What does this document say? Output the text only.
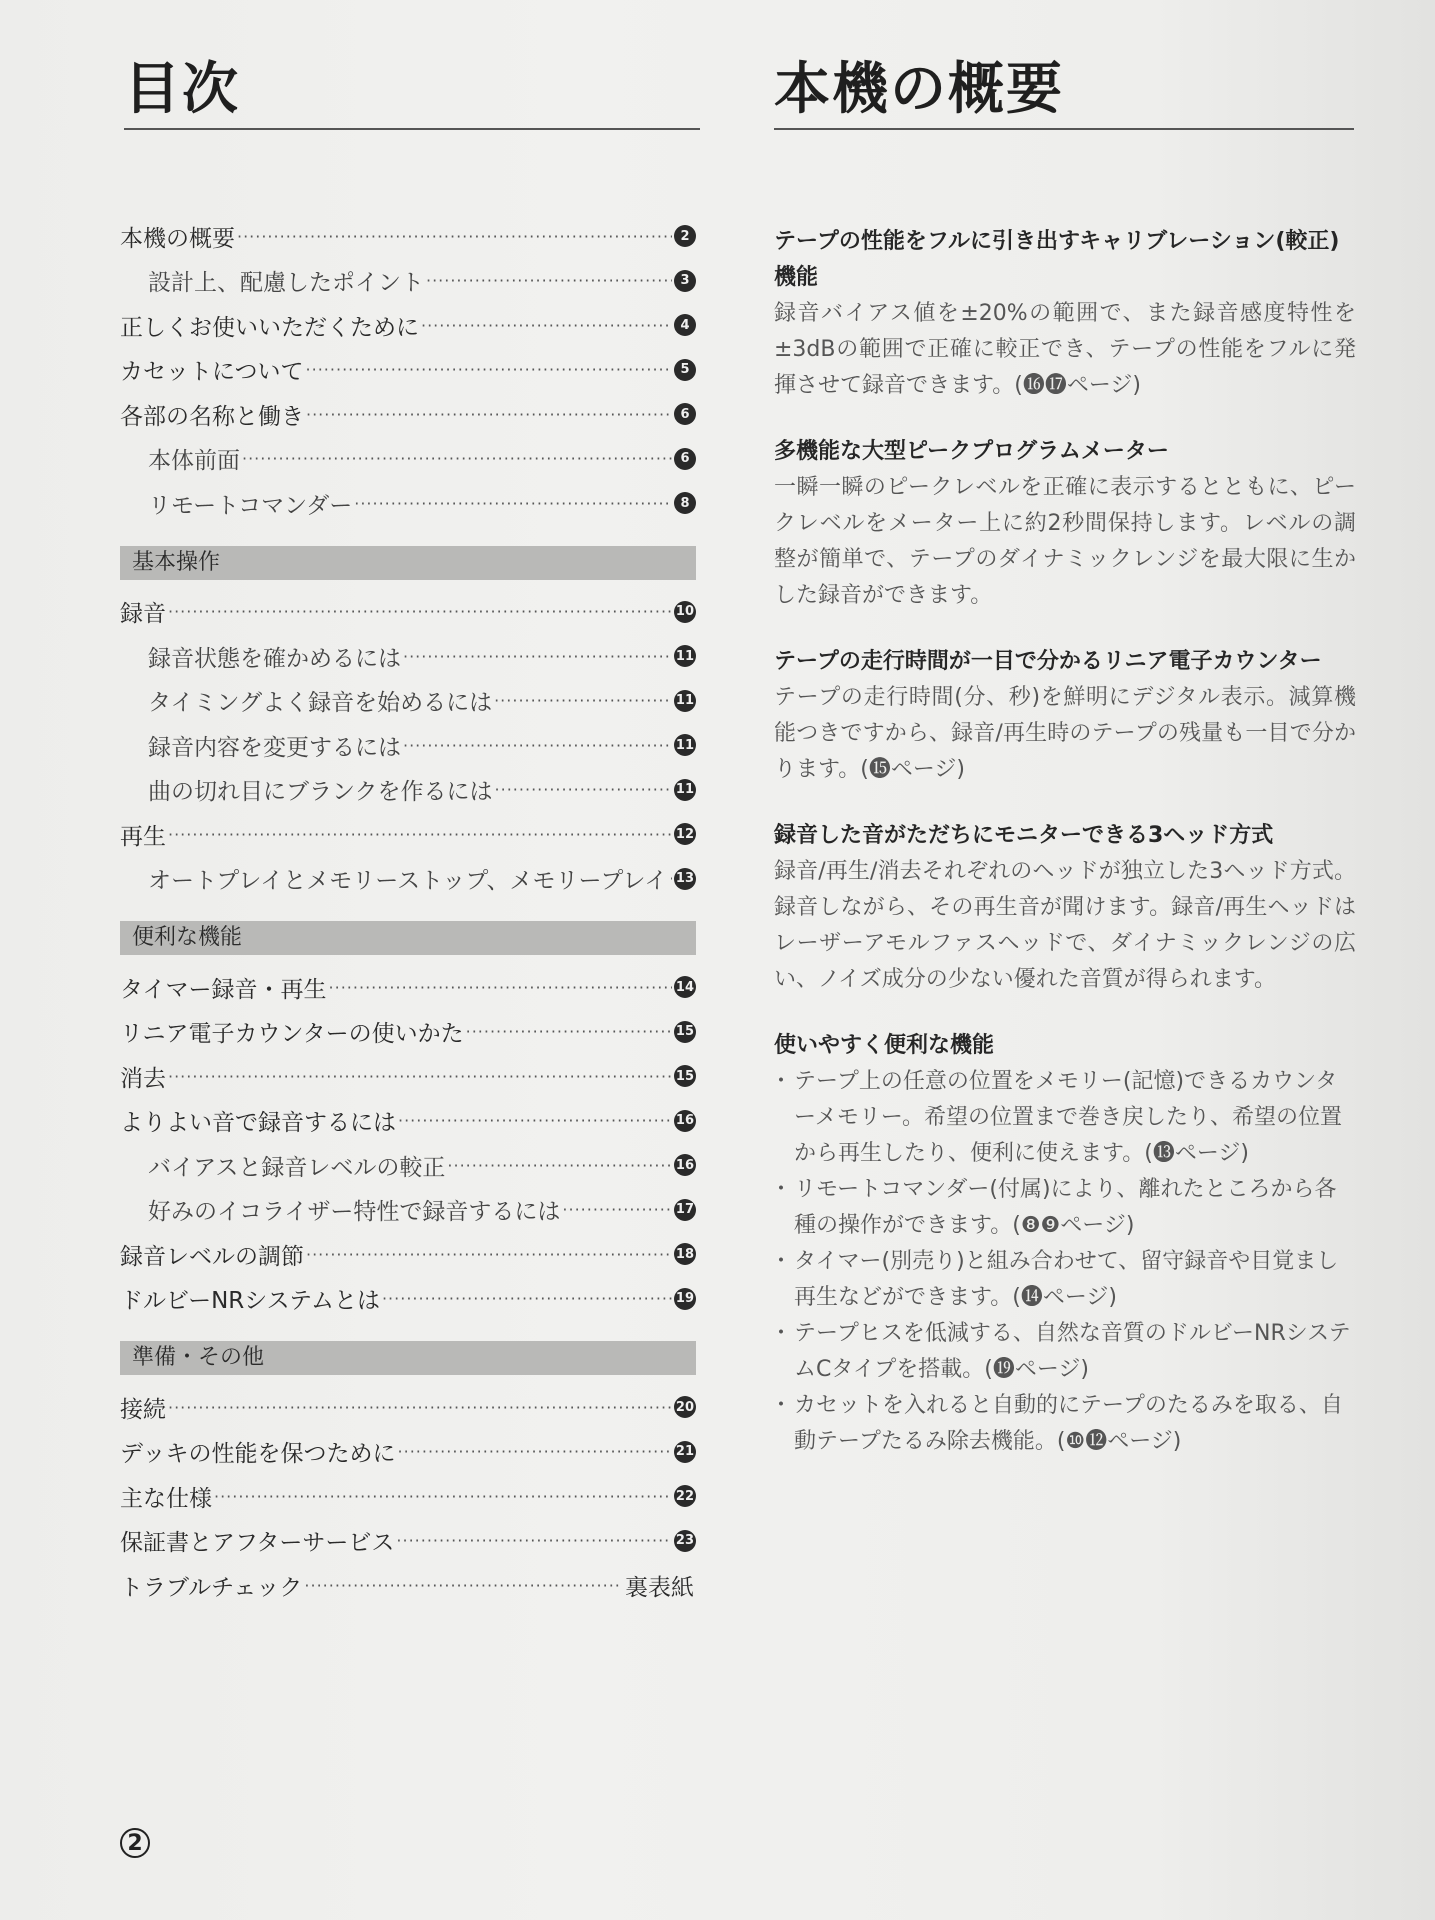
目次	本機の概要
本機の概要 ·····	2
設計上、配慮したポイント ·····	3
正しくお使いいただくために ·····	4
カセットについて ·····	5
各部の名称と働き ·····	6
本体前面 ·····	6
リモートコマンダー ·····	8
基本操作
録音 ·····	10
録音状態を確かめるには ·····	11
タイミングよく録音を始めるには ·····	11
録音内容を変更するには ·····	11
曲の切れ目にブランクを作るには ·····	11
再生 ·····	12
オートプレイとメモリーストップ、メモリープレイ ····· 13
便利な機能
タイマー録音・再生 ·····	14
リニア電子カウンターの使いかた ·····	15
消去 ·····	15
よりよい音で録音するには ·····	16
バイアスと録音レベルの較正 ·····	16
好みのイコライザー特性で録音するには ·····	17
録音レベルの調節 ·····	18
ドルビーNRシステムとは ·····	19
準備・その他
接続 ·····	20
デッキの性能を保つために ·····	21
主な仕様 ·····	22
保証書とアフターサービス ·····	23
トラブルチェック ·····	裏表紙
テープの性能をフルに引き出すキャリブレーション(較正)機能

録音バイアス値を±20%の範囲で、また録音感度特性を±3dBの範囲で正確に較正でき、テープの性能をフルに発揮させて録音できます。(⓰⓱ページ)

多機能な大型ピークプログラムメーター

一瞬一瞬のピークレベルを正確に表示するとともに、ピークレベルをメーター上に約2秒間保持します。レベルの調整が簡単で、テープのダイナミックレンジを最大限に生かした録音ができます。

テープの走行時間が一目で分かるリニア電子カウンター

テープの走行時間(分、秒)を鮮明にデジタル表示。減算機能つきですから、録音/再生時のテープの残量も一目で分かります。(⓯ページ)

録音した音がただちにモニターできる3ヘッド方式

録音/再生/消去それぞれのヘッドが独立した3ヘッド方式。録音しながら、その再生音が聞けます。録音/再生ヘッドはレーザーアモルファスヘッドで、ダイナミックレンジの広い、ノイズ成分の少ない優れた音質が得られます。

使いやすく便利な機能
・ テープ上の任意の位置をメモリー(記憶)できるカウンターメモリー。希望の位置まで巻き戻したり、希望の位置から再生したり、便利に使えます。(⓭ページ)
・ リモートコマンダー(付属)により、離れたところから各種の操作ができます。(❽❾ページ)
・ タイマー(別売り)と組み合わせて、留守録音や目覚まし再生などができます。(⓮ページ)
・ テープヒスを低減する、自然な音質のドルビーNRシステムCタイプを搭載。(⓳ページ)
・ カセットを入れると自動的にテープのたるみを取る、自動テープたるみ除去機能。(❿⓬ページ)
2
